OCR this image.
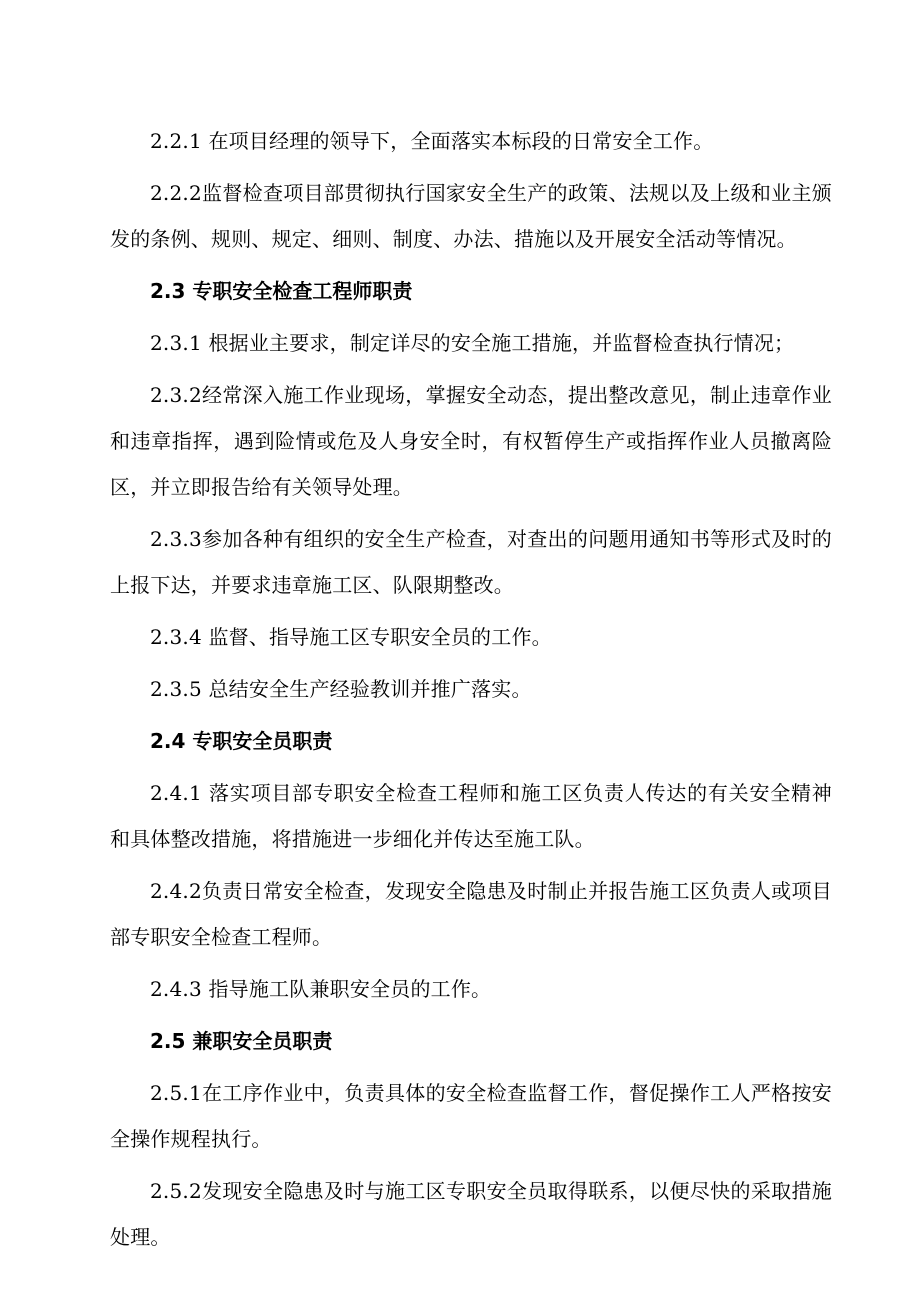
2.2.1 在项目经理的领导下，全面落实本标段的日常安全工作。

2.2.2监督检查项目部贯彻执行国家安全生产的政策、法规以及上级和业主颁发的条例、规则、规定、细则、制度、办法、措施以及开展安全活动等情况。

2.3 专职安全检查工程师职责

2.3.1 根据业主要求，制定详尽的安全施工措施，并监督检查执行情况；

2.3.2经常深入施工作业现场，掌握安全动态，提出整改意见，制止违章作业和违章指挥，遇到险情或危及人身安全时，有权暂停生产或指挥作业人员撤离险区，并立即报告给有关领导处理。

2.3.3参加各种有组织的安全生产检查，对查出的问题用通知书等形式及时的上报下达，并要求违章施工区、队限期整改。

2.3.4 监督、指导施工区专职安全员的工作。

2.3.5 总结安全生产经验教训并推广落实。

2.4 专职安全员职责

2.4.1 落实项目部专职安全检查工程师和施工区负责人传达的有关安全精神和具体整改措施，将措施进一步细化并传达至施工队。

2.4.2负责日常安全检查，发现安全隐患及时制止并报告施工区负责人或项目部专职安全检查工程师。

2.4.3 指导施工队兼职安全员的工作。

2.5 兼职安全员职责

2.5.1在工序作业中，负责具体的安全检查监督工作，督促操作工人严格按安全操作规程执行。

2.5.2发现安全隐患及时与施工区专职安全员取得联系，以便尽快的采取措施处理。
